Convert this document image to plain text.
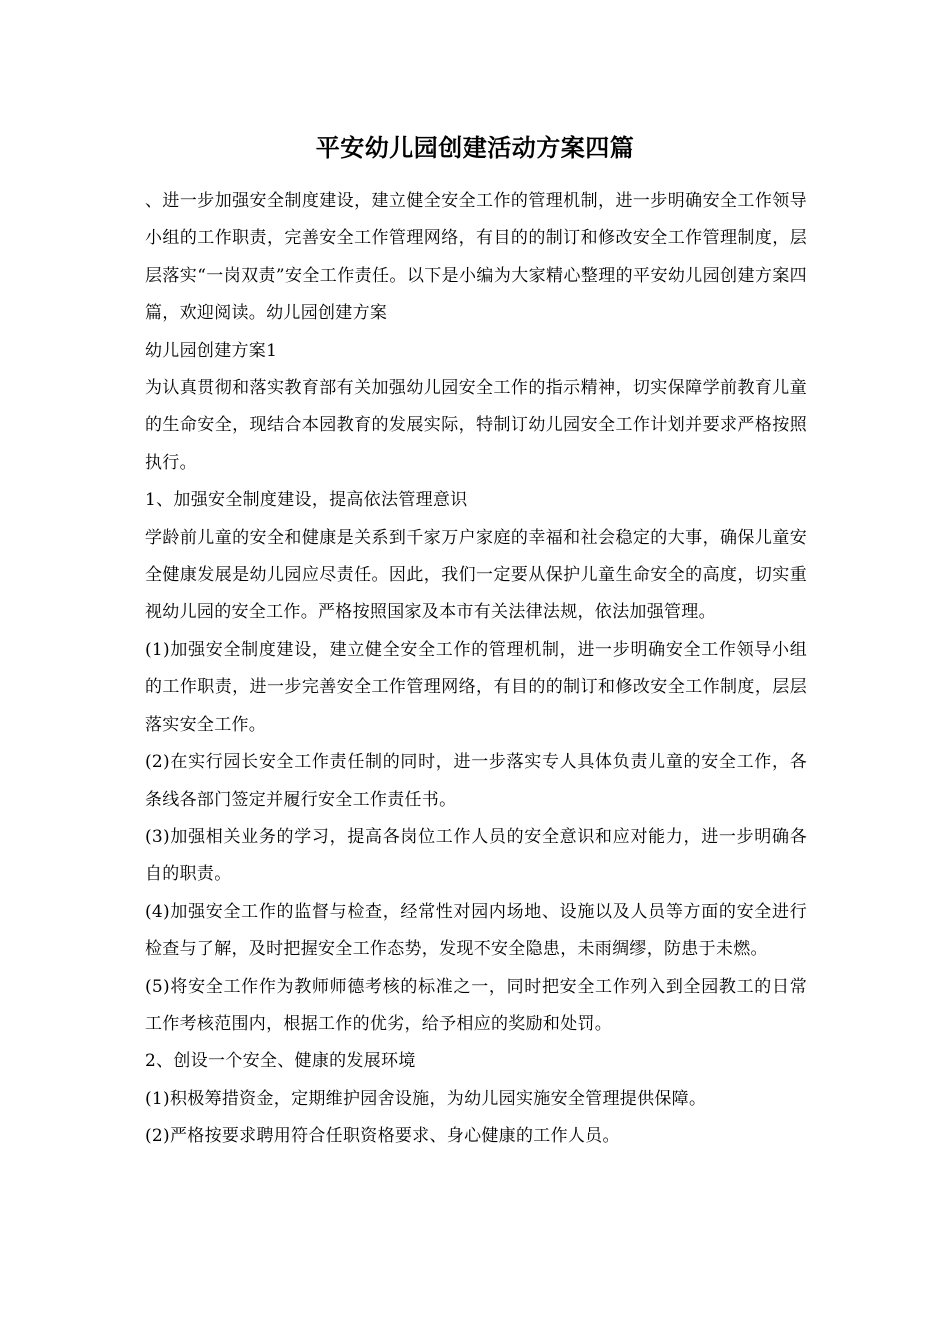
平安幼儿园创建活动方案四篇

、进一步加强安全制度建设，建立健全安全工作的管理机制，进一步明确安全工作领导小组的工作职责，完善安全工作管理网络，有目的的制订和修改安全工作管理制度，层层落实“一岗双责”安全工作责任。以下是小编为大家精心整理的平安幼儿园创建方案四篇，欢迎阅读。幼儿园创建方案

幼儿园创建方案1

为认真贯彻和落实教育部有关加强幼儿园安全工作的指示精神，切实保障学前教育儿童的生命安全，现结合本园教育的发展实际，特制订幼儿园安全工作计划并要求严格按照执行。

1、加强安全制度建设，提高依法管理意识

学龄前儿童的安全和健康是关系到千家万户家庭的幸福和社会稳定的大事，确保儿童安全健康发展是幼儿园应尽责任。因此，我们一定要从保护儿童生命安全的高度，切实重视幼儿园的安全工作。严格按照国家及本市有关法律法规，依法加强管理。

(1)加强安全制度建设，建立健全安全工作的管理机制，进一步明确安全工作领导小组的工作职责，进一步完善安全工作管理网络，有目的的制订和修改安全工作制度，层层落实安全工作。

(2)在实行园长安全工作责任制的同时，进一步落实专人具体负责儿童的安全工作，各条线各部门签定并履行安全工作责任书。

(3)加强相关业务的学习，提高各岗位工作人员的安全意识和应对能力，进一步明确各自的职责。

(4)加强安全工作的监督与检查，经常性对园内场地、设施以及人员等方面的安全进行检查与了解，及时把握安全工作态势，发现不安全隐患，未雨绸缪，防患于未燃。

(5)将安全工作作为教师师德考核的标准之一，同时把安全工作列入到全园教工的日常工作考核范围内，根据工作的优劣，给予相应的奖励和处罚。

2、创设一个安全、健康的发展环境

(1)积极筹措资金，定期维护园舍设施，为幼儿园实施安全管理提供保障。

(2)严格按要求聘用符合任职资格要求、身心健康的工作人员。
